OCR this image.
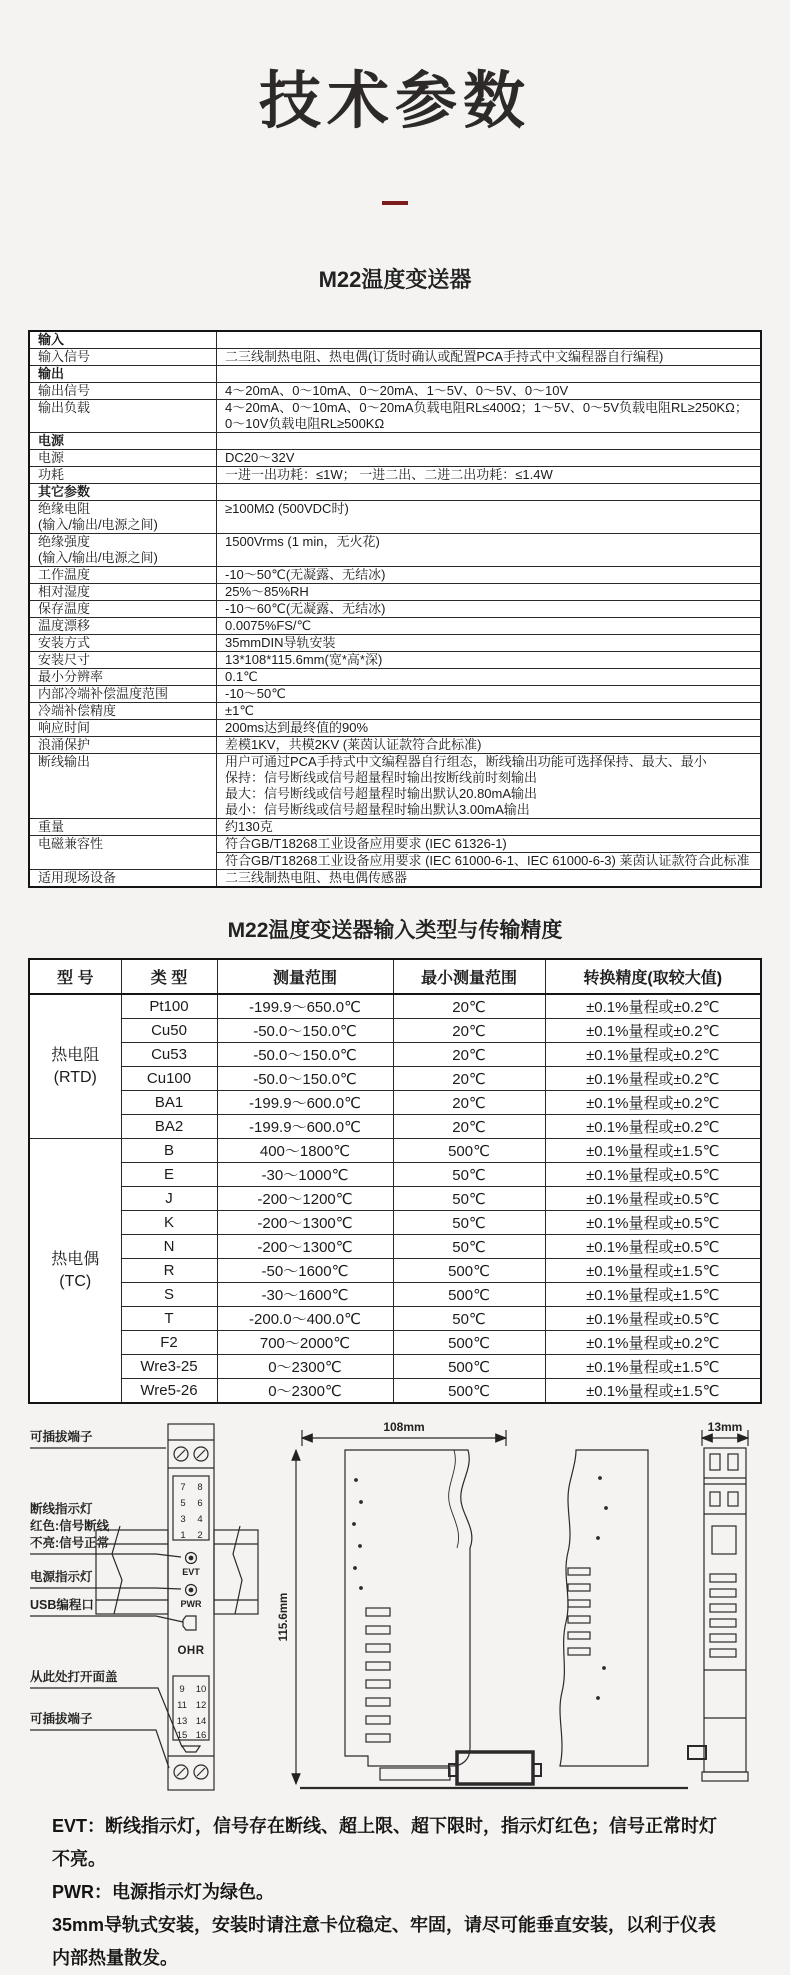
技术参数
M22温度变送器
输入	

输入信号	二三线制热电阻、热电偶(订货时确认或配置PCA手持式中文编程器自行编程)

输出	

输出信号	4～20mA、0～10mA、0～20mA、1～5V、0～5V、0～10V

输出负载	4～20mA、0～10mA、0～20mA负载电阻RL≤400Ω；1～5V、0～5V负载电阻RL≥250KΩ；
0～10V负载电阻RL≥500KΩ

电源	

电源	DC20～32V

功耗	一进一出功耗：≤1W； 一进二出、二进二出功耗：≤1.4W

其它参数	

绝缘电阻
(输入/输出/电源之间)	≥100MΩ (500VDC时)

绝缘强度
(输入/输出/电源之间)	1500Vrms (1 min，无火花)

工作温度	-10～50℃(无凝露、无结冰)

相对湿度	25%～85%RH

保存温度	-10～60℃(无凝露、无结冰)

温度漂移	0.0075%FS/℃

安装方式	35mmDIN导轨安装

安装尺寸	13*108*115.6mm(宽*高*深)

最小分辨率	0.1℃

内部冷端补偿温度范围	-10～50℃

冷端补偿精度	±1℃

响应时间	200ms达到最终值的90%

浪涌保护	差模1KV，共模2KV (莱茵认证款符合此标准)

断线输出	用户可通过PCA手持式中文编程器自行组态，断线输出功能可选择保持、最大、最小
保持：信号断线或信号超量程时输出按断线前时刻输出
最大：信号断线或信号超量程时输出默认20.80mA输出
最小：信号断线或信号超量程时输出默认3.00mA输出

重量	约130克

电磁兼容性	符合GB/T18268工业设备应用要求 (IEC 61326-1)
符合GB/T18268工业设备应用要求 (IEC 61000-6-1、IEC 61000-6-3) 莱茵认证款符合此标准

适用现场设备	二三线制热电阻、热电偶传感器
M22温度变送器输入类型与传输精度
型 号	类 型	测量范围	最小测量范围	转换精度(取较大值)

热电阻
(RTD)	Pt100	-199.9～650.0℃	20℃	±0.1%量程或±0.2℃
	Cu50	-50.0～150.0℃	20℃	±0.1%量程或±0.2℃
	Cu53	-50.0～150.0℃	20℃	±0.1%量程或±0.2℃
	Cu100	-50.0～150.0℃	20℃	±0.1%量程或±0.2℃
	BA1	-199.9～600.0℃	20℃	±0.1%量程或±0.2℃
	BA2	-199.9～600.0℃	20℃	±0.1%量程或±0.2℃

热电偶
(TC)	B	400～1800℃	500℃	±0.1%量程或±1.5℃
	E	-30～1000℃	50℃	±0.1%量程或±0.5℃
	J	-200～1200℃	50℃	±0.1%量程或±0.5℃
	K	-200～1300℃	50℃	±0.1%量程或±0.5℃
	N	-200～1300℃	50℃	±0.1%量程或±0.5℃
	R	-50～1600℃	500℃	±0.1%量程或±1.5℃
	S	-30～1600℃	500℃	±0.1%量程或±1.5℃
	T	-200.0～400.0℃	50℃	±0.1%量程或±0.5℃
	F2	700～2000℃	500℃	±0.1%量程或±0.2℃
	Wre3-25	0～2300℃	500℃	±0.1%量程或±1.5℃
	Wre5-26	0～2300℃	500℃	±0.1%量程或±1.5℃
7 8
5 6
3 4
1 2
EVT
PWR
OHR
9 10
11 12
13 14
15 16
108mm
115.6mm
13mm
可插拔端子
断线指示灯
红色:信号断线
不亮:信号正常
电源指示灯
USB编程口
从此处打开面盖
可插拔端子

EVT：断线指示灯，信号存在断线、超上限、超下限时，指示灯红色；信号正常时灯不亮。

PWR：电源指示灯为绿色。

35mm导轨式安装，安装时请注意卡位稳定、牢固，请尽可能垂直安装，以利于仪表内部热量散发。
